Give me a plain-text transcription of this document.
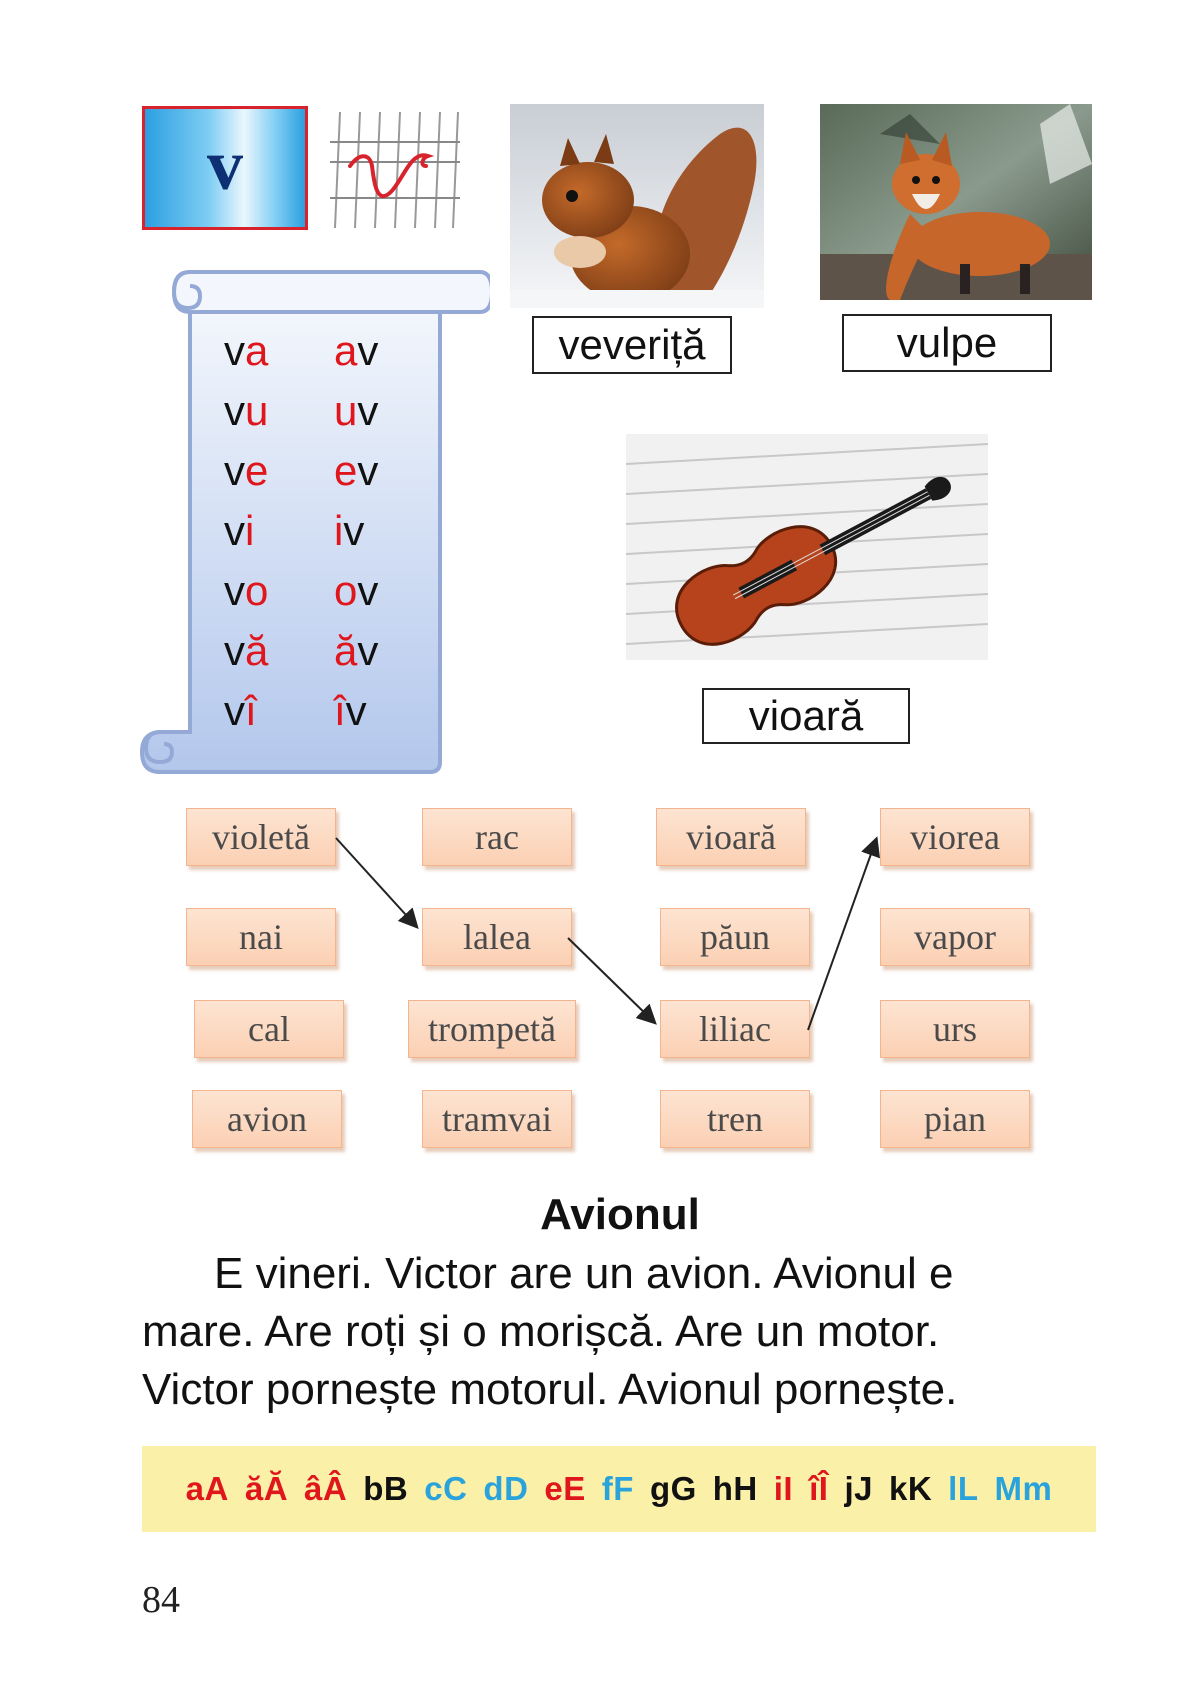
v
va av
vu uv
ve ev
vi iv
vo ov
vă ăv
vî îv
veveriță	vulpe
vioară
violetă	rac	vioară	viorea
nai	lalea	păun	vapor
cal	trompetă	liliac	urs
avion	tramvai	tren	pian
Avionul
E vineri. Victor are un avion. Avionul e
mare. Are roți și o morișcă. Are un motor.
Victor pornește motorul. Avionul pornește.
aA ăĂ âÂ bB cC dD eE fF gG hH iI îÎ jJ kK lL Mm
84
